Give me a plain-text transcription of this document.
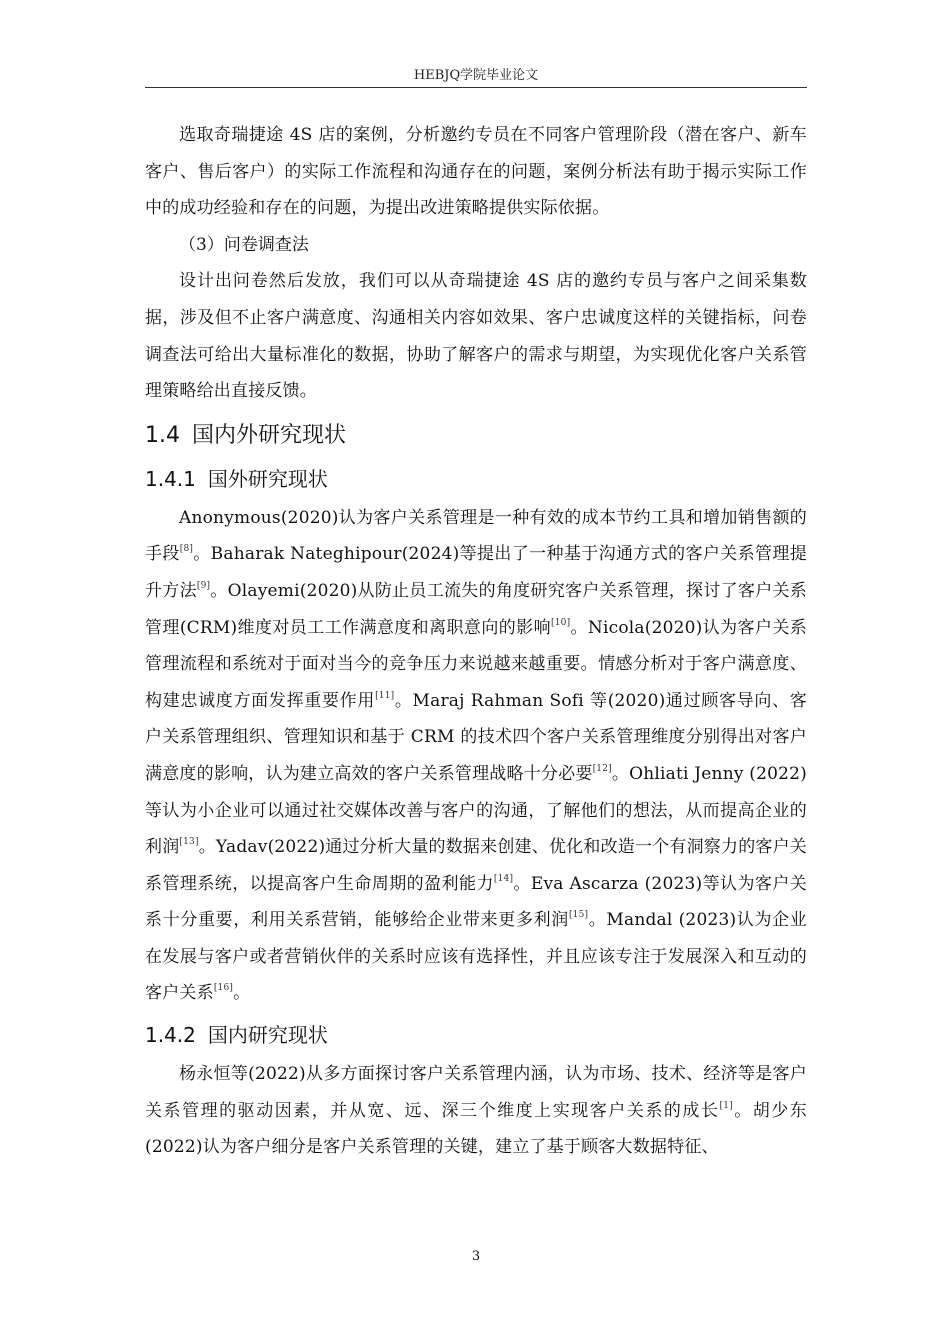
HEBJQ学院毕业论文

选取奇瑞捷途 4S 店的案例，分析邀约专员在不同客户管理阶段（潜在客户、新车客户、售后客户）的实际工作流程和沟通存在的问题，案例分析法有助于揭示实际工作中的成功经验和存在的问题，为提出改进策略提供实际依据。

（3）问卷调查法

设计出问卷然后发放，我们可以从奇瑞捷途 4S 店的邀约专员与客户之间采集数据，涉及但不止客户满意度、沟通相关内容如效果、客户忠诚度这样的关键指标，问卷调查法可给出大量标准化的数据，协助了解客户的需求与期望，为实现优化客户关系管理策略给出直接反馈。

1.4 国内外研究现状
1.4.1 国外研究现状

Anonymous(2020)认为客户关系管理是一种有效的成本节约工具和增加销售额的手段[8]。Baharak Nateghipour(2024)等提出了一种基于沟通方式的客户关系管理提升方法[9]。Olayemi(2020)从防止员工流失的角度研究客户关系管理，探讨了客户关系管理(CRM)维度对员工工作满意度和离职意向的影响[10]。Nicola(2020)认为客户关系管理流程和系统对于面对当今的竞争压力来说越来越重要。情感分析对于客户满意度、构建忠诚度方面发挥重要作用[11]。Maraj Rahman Sofi 等(2020)通过顾客导向、客户关系管理组织、管理知识和基于 CRM 的技术四个客户关系管理维度分别得出对客户满意度的影响，认为建立高效的客户关系管理战略十分必要[12]。Ohliati Jenny (2022)等认为小企业可以通过社交媒体改善与客户的沟通，了解他们的想法，从而提高企业的利润[13]。Yadav(2022)通过分析大量的数据来创建、优化和改造一个有洞察力的客户关系管理系统，以提高客户生命周期的盈利能力[14]。Eva Ascarza (2023)等认为客户关系十分重要，利用关系营销，能够给企业带来更多利润[15]。Mandal (2023)认为企业在发展与客户或者营销伙伴的关系时应该有选择性，并且应该专注于发展深入和互动的客户关系[16]。

1.4.2 国内研究现状

杨永恒等(2022)从多方面探讨客户关系管理内涵，认为市场、技术、经济等是客户关系管理的驱动因素，并从宽、远、深三个维度上实现客户关系的成长[1]。胡少东(2022)认为客户细分是客户关系管理的关键，建立了基于顾客大数据特征、

3
